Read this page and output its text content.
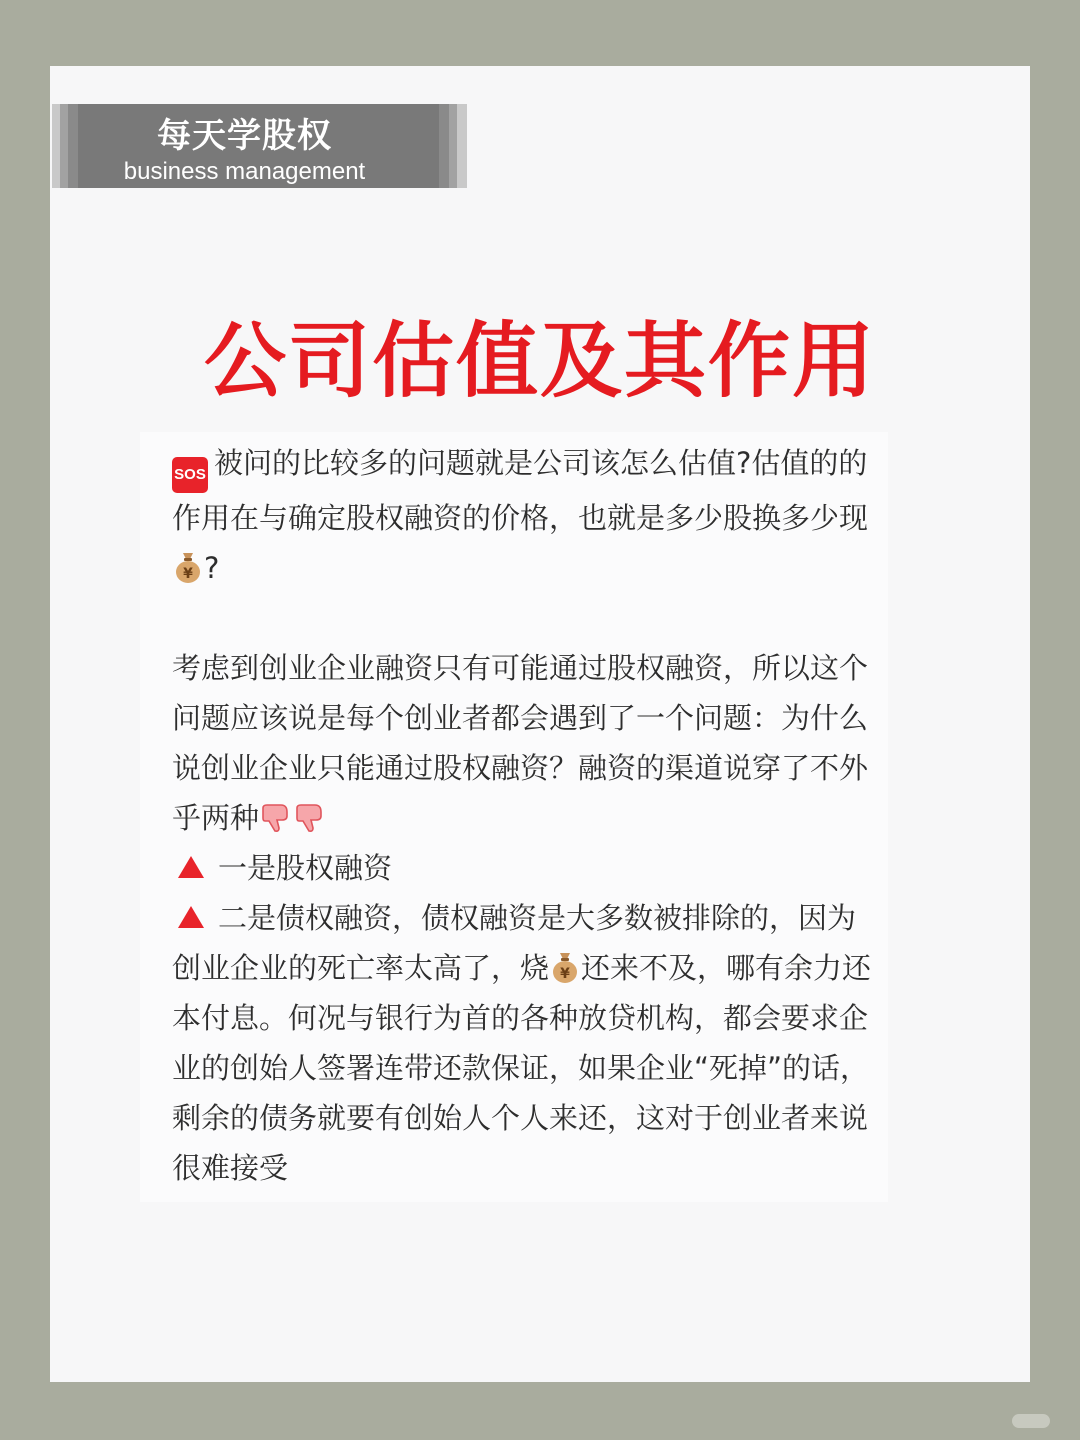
每天学股权
business management
公司估值及其作用

SOS 被问的比较多的问题就是公司该怎么估值?估值的的作用在与确定股权融资的价格，也就是多少股换多少现
¥ ?

考虑到创业企业融资只有可能通过股权融资，所以这个问题应该说是每个创业者都会遇到了一个问题：为什么说创业企业只能通过股权融资？融资的渠道说穿了不外乎两种

一是股权融资

二是债权融资，债权融资是大多数被排除的，因为创业企业的死亡率太高了，烧 ¥ 还来不及，哪有余力还本付息。何况与银行为首的各种放贷机构，都会要求企业的创始人签署连带还款保证，如果企业“死掉”的话，剩余的债务就要有创始人个人来还，这对于创业者来说很难接受
